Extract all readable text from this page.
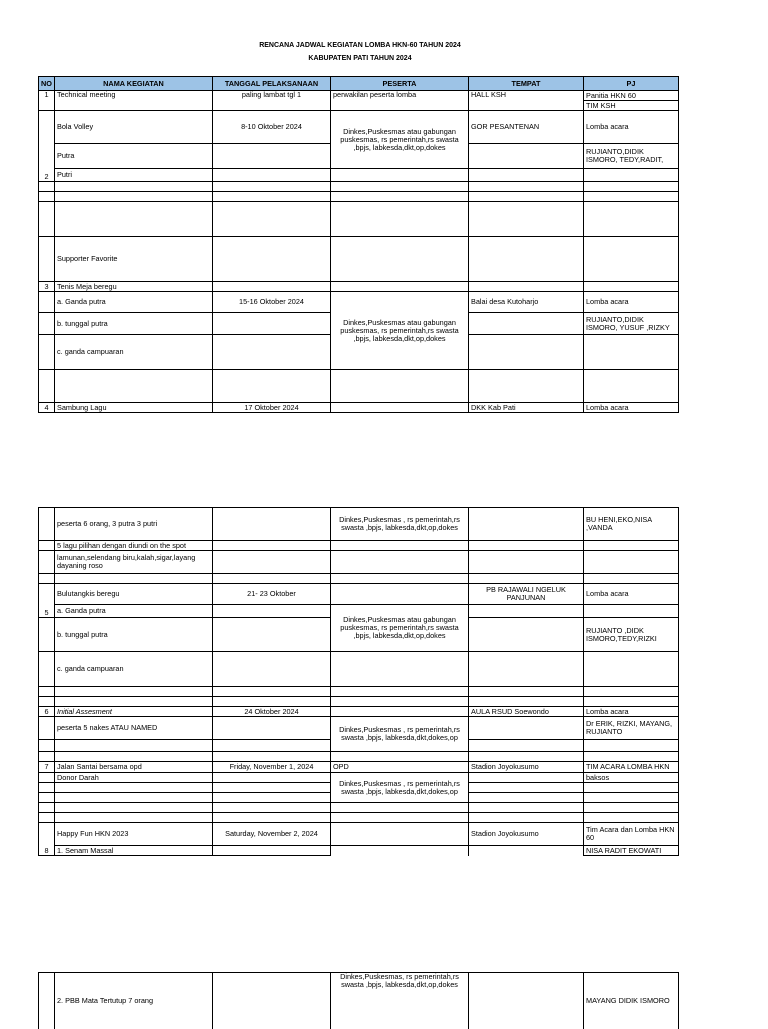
RENCANA JADWAL KEGIATAN LOMBA HKN-60 TAHUN 2024
KABUPATEN PATI TAHUN 2024
NO	NAMA KEGIATAN	TANGGAL PELAKSANAAN	PESERTA	TEMPAT	PJ
1	Technical meeting	paling lambat tgl 1	perwakilan peserta lomba	HALL KSH	Panitia HKN 60
					TIM KSH
2	Bola Volley	8-10 Oktober 2024	Dinkes,Puskesmas atau gabungan puskesmas, rs pemerintah,rs swasta ,bpjs, labkesda,dkt,op,dokes	GOR PESANTENAN	Lomba acara
	Putra				RUJIANTO,DIDIK ISMORO, TEDY,RADIT,
	Putri				

	Supporter Favorite				
3	Tenis Meja beregu				
	a. Ganda putra	15-16 Oktober 2024	Dinkes,Puskesmas atau gabungan puskesmas, rs pemerintah,rs swasta ,bpjs, labkesda,dkt,op,dokes	Balai desa Kutoharjo	Lomba acara
	b. tunggal putra				RUJIANTO,DIDIK ISMORO, YUSUF ,RIZKY
	c. ganda campuaran				

4	Sambung Lagu	17 Oktober 2024		DKK Kab Pati	Lomba acara
	peserta 6 orang, 3 putra 3 putri		Dinkes,Puskesmas , rs pemerintah,rs swasta ,bpjs, labkesda,dkt,op,dokes		BU HENI,EKO,NISA ,VANDA
	5 lagu pilihan dengan diundi on the spot				
	lamunan,selendang biru,kalah,sigar,layang dayaning roso				

5	Bulutangkis beregu	21- 23 Oktober		PB RAJAWALI NGELUK PANJUNAN	Lomba acara
	a. Ganda putra		Dinkes,Puskesmas atau gabungan puskesmas, rs pemerintah,rs swasta ,bpjs, labkesda,dkt,op,dokes		
	b. tunggal putra				RUJIANTO ,DIDK ISMORO,TEDY,RIZKI
	c. ganda campuaran				

6	Initial Assesment	24 Oktober 2024		AULA RSUD Soewondo	Lomba acara
	peserta 5 nakes ATAU NAMED		Dinkes,Puskesmas , rs pemerintah,rs swasta ,bpjs, labkesda,dkt,dokes,op		Dr ERIK, RIZKI, MAYANG, RUJIANTO

7	Jalan Santai bersama opd	Friday, November 1, 2024	OPD	Stadion Joyokusumo	TIM ACARA LOMBA HKN
	Donor Darah		Dinkes,Puskesmas , rs pemerintah,rs swasta ,bpjs, labkesda,dkt,dokes,op		baksos

8	Happy Fun HKN 2023	Saturday, November 2, 2024		Stadion Joyokusumo	Tim Acara dan Lomba HKN 60
	1. Senam Massal				NISA RADIT EKOWATI
	2. PBB Mata Tertutup 7 orang		Dinkes,Puskesmas, rs pemerintah,rs swasta ,bpjs, labkesda,dkt,op,dokes		MAYANG DIDIK ISMORO
